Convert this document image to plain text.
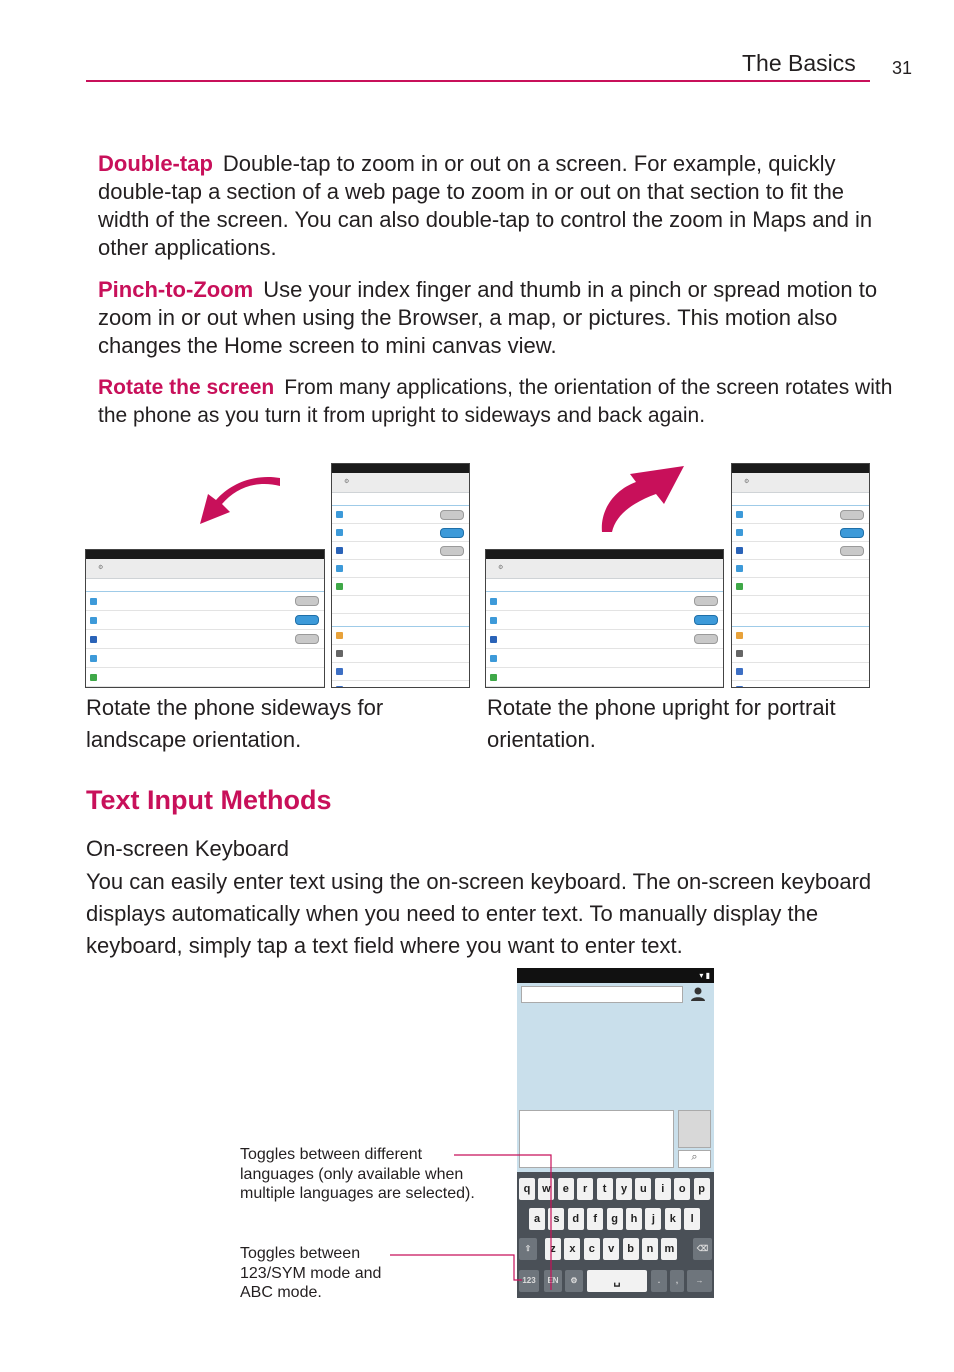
The Basics 31
Double-tap Double-tap to zoom in or out on a screen. For example, quickly double-tap a section of a web page to zoom in or out on that section to fit the width of the screen. You can also double-tap to control the zoom in Maps and in other applications.
Pinch-to-Zoom Use your index finger and thumb in a pinch or spread motion to zoom in or out when using the Browser, a map, or pictures. This motion also changes the Home screen to mini canvas view.
Rotate the screen From many applications, the orientation of the screen rotates with the phone as you turn it from upright to sideways and back again.
⚙

⚙

⚙

⚙

Rotate the phone sideways for landscape orientation.
Rotate the phone upright for portrait orientation.
Text Input Methods
On-screen Keyboard
You can easily enter text using the on-screen keyboard. The on-screen keyboard displays automatically when you need to enter text. To manually display the keyboard, simply tap a text field where you want to enter text.
▾ ▮
⌕
q	w	e	r	t	y	u	i	o	p
a	s	d	f	g	h	j	k	l
z	x	c	v	b	n	m
⇧	⌫
123	EN	⚙	␣	.	,	→
Toggles between different languages (only available when multiple languages are selected).
Toggles between 123/SYM mode and ABC mode.
